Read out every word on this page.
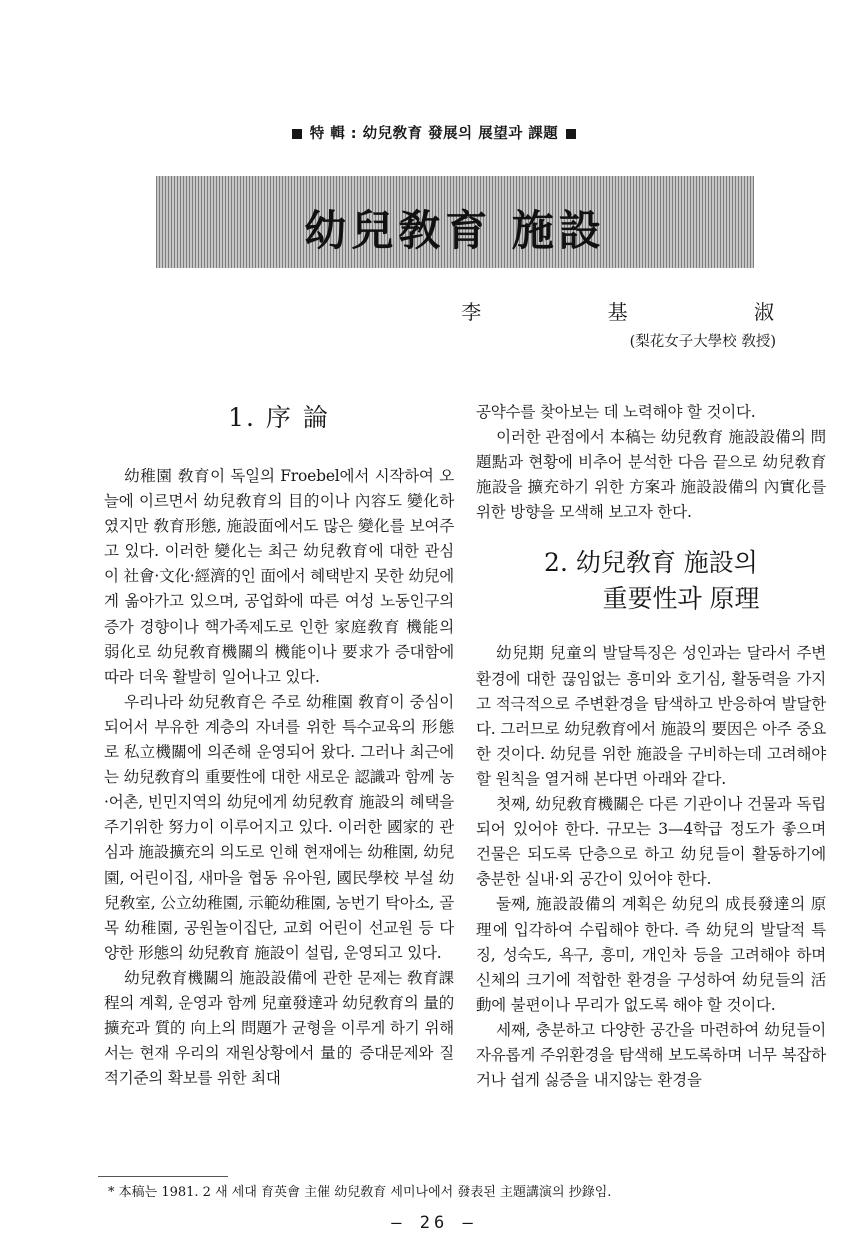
特 輯 : 幼兒敎育 發展의 展望과 課題
幼兒敎育 施設
李 基 淑
(梨花女子大學校 敎授)
1. 序 論

幼稚園 敎育이 독일의 Froebel에서 시작하여 오늘에 이르면서 幼兒敎育의 目的이나 內容도 變化하였지만 敎育形態, 施設面에서도 많은 變化를 보여주고 있다. 이러한 變化는 최근 幼兒敎育에 대한 관심이 社會·文化·經濟的인 面에서 혜택받지 못한 幼兒에게 옮아가고 있으며, 공업화에 따른 여성 노동인구의 증가 경향이나 핵가족제도로 인한 家庭敎育 機能의 弱化로 幼兒敎育機關의 機能이나 要求가 증대함에 따라 더욱 활발히 일어나고 있다.

우리나라 幼兒敎育은 주로 幼稚園 敎育이 중심이 되어서 부유한 계층의 자녀를 위한 특수교육의 形態로 私立機關에 의존해 운영되어 왔다. 그러나 최근에는 幼兒敎育의 重要性에 대한 새로운 認識과 함께 농·어촌, 빈민지역의 幼兒에게 幼兒敎育 施設의 혜택을 주기위한 努力이 이루어지고 있다. 이러한 國家的 관심과 施設擴充의 의도로 인해 현재에는 幼稚園, 幼兒園, 어린이집, 새마을 협동 유아원, 國民學校 부설 幼兒敎室, 公立幼稚園, 示範幼稚園, 농번기 탁아소, 골목 幼稚園, 공원놀이집단, 교회 어린이 선교원 등 다양한 形態의 幼兒敎育 施設이 설립, 운영되고 있다.

幼兒敎育機關의 施設設備에 관한 문제는 敎育課程의 계획, 운영과 함께 兒童發達과 幼兒敎育의 量的 擴充과 質的 向上의 問題가 균형을 이루게 하기 위해서는 현재 우리의 재원상황에서 量的 증대문제와 질적기준의 확보를 위한 최대

공약수를 찾아보는 데 노력해야 할 것이다.

이러한 관점에서 本稿는 幼兒敎育 施設設備의 問題點과 현황에 비추어 분석한 다음 끝으로 幼兒敎育 施設을 擴充하기 위한 方案과 施設設備의 內實化를 위한 방향을 모색해 보고자 한다.

2. 幼兒敎育 施設의
重要性과 原理

幼兒期 兒童의 발달특징은 성인과는 달라서 주변환경에 대한 끊임없는 흥미와 호기심, 활동력을 가지고 적극적으로 주변환경을 탐색하고 반응하여 발달한다. 그러므로 幼兒敎育에서 施設의 要因은 아주 중요한 것이다. 幼兒를 위한 施設을 구비하는데 고려해야 할 원칙을 열거해 본다면 아래와 같다.

첫째, 幼兒敎育機關은 다른 기관이나 건물과 독립되어 있어야 한다. 규모는 3—4학급 정도가 좋으며 건물은 되도록 단층으로 하고 幼兒들이 활동하기에 충분한 실내·외 공간이 있어야 한다.

둘째, 施設設備의 계획은 幼兒의 成長發達의 原理에 입각하여 수립해야 한다. 즉 幼兒의 발달적 특징, 성숙도, 욕구, 흥미, 개인차 등을 고려해야 하며 신체의 크기에 적합한 환경을 구성하여 幼兒들의 活動에 불편이나 무리가 없도록 해야 할 것이다.

세째, 충분하고 다양한 공간을 마련하여 幼兒들이 자유롭게 주위환경을 탐색해 보도록하며 너무 복잡하거나 쉽게 싫증을 내지않는 환경을

* 本稿는 1981. 2 새 세대 育英會 主催 幼兒敎育 세미나에서 發表된 主題講演의 抄錄임.
— 26 —
